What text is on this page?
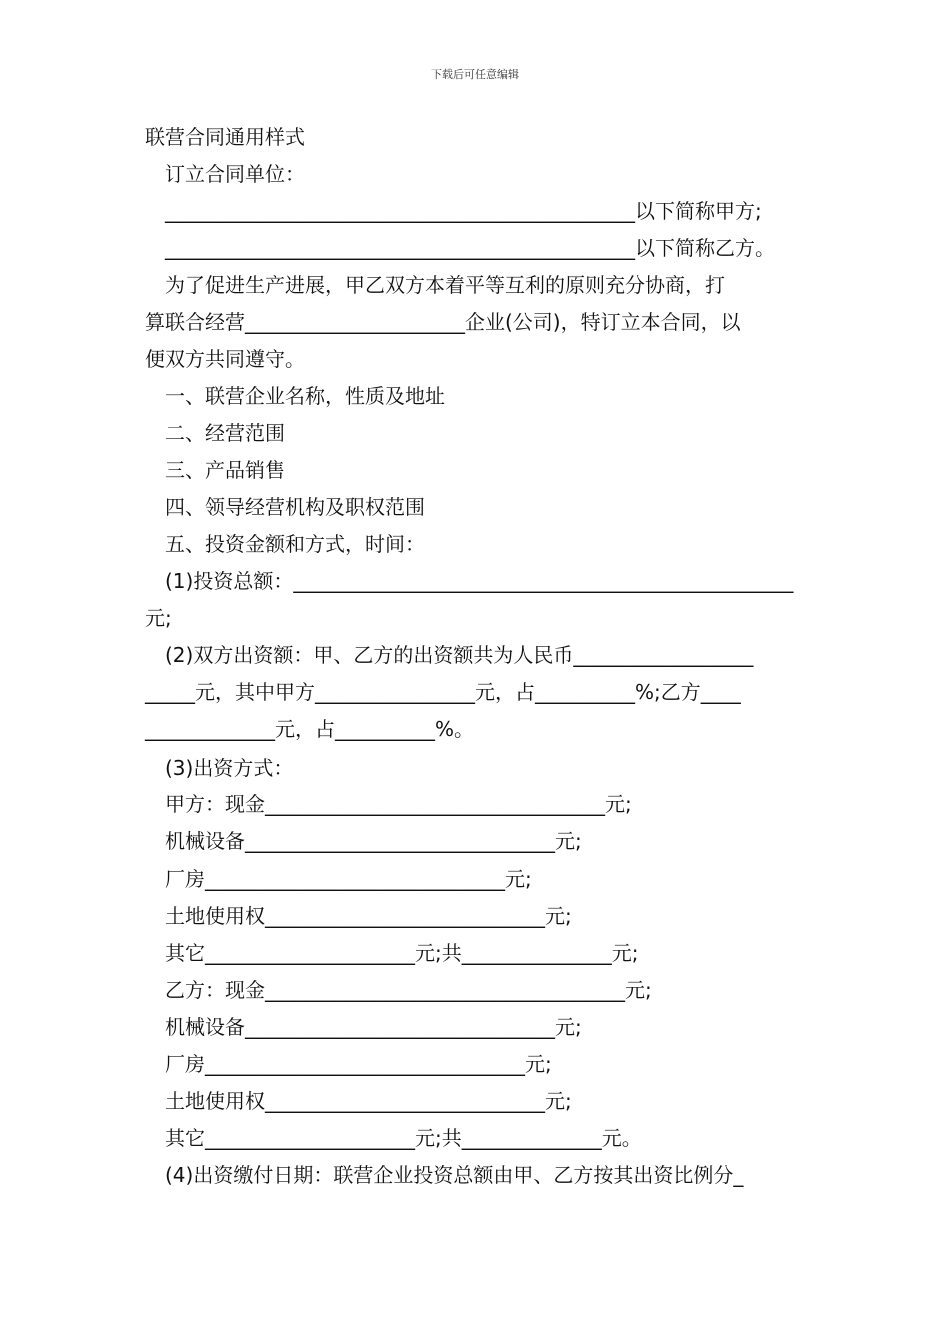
下载后可任意编辑
联营合同通用样式
订立合同单位：
_______________________________________________以下简称甲方;
_______________________________________________以下简称乙方。
为了促进生产进展，甲乙双方本着平等互利的原则充分协商，打
算联合经营______________________企业(公司)，特订立本合同，以
便双方共同遵守。
一、联营企业名称，性质及地址
二、经营范围
三、产品销售
四、领导经营机构及职权范围
五、投资金额和方式，时间：
(1)投资总额：__________________________________________________
元;
(2)双方出资额：甲、乙方的出资额共为人民币__________________
_____元，其中甲方________________元，占__________%;乙方____
_____________元，占__________%。
(3)出资方式：
甲方：现金__________________________________元;
机械设备_______________________________元;
厂房______________________________元;
土地使用权____________________________元;
其它_____________________元;共_______________元;
乙方：现金____________________________________元;
机械设备_______________________________元;
厂房________________________________元;
土地使用权____________________________元;
其它_____________________元;共______________元。
(4)出资缴付日期：联营企业投资总额由甲、乙方按其出资比例分_
